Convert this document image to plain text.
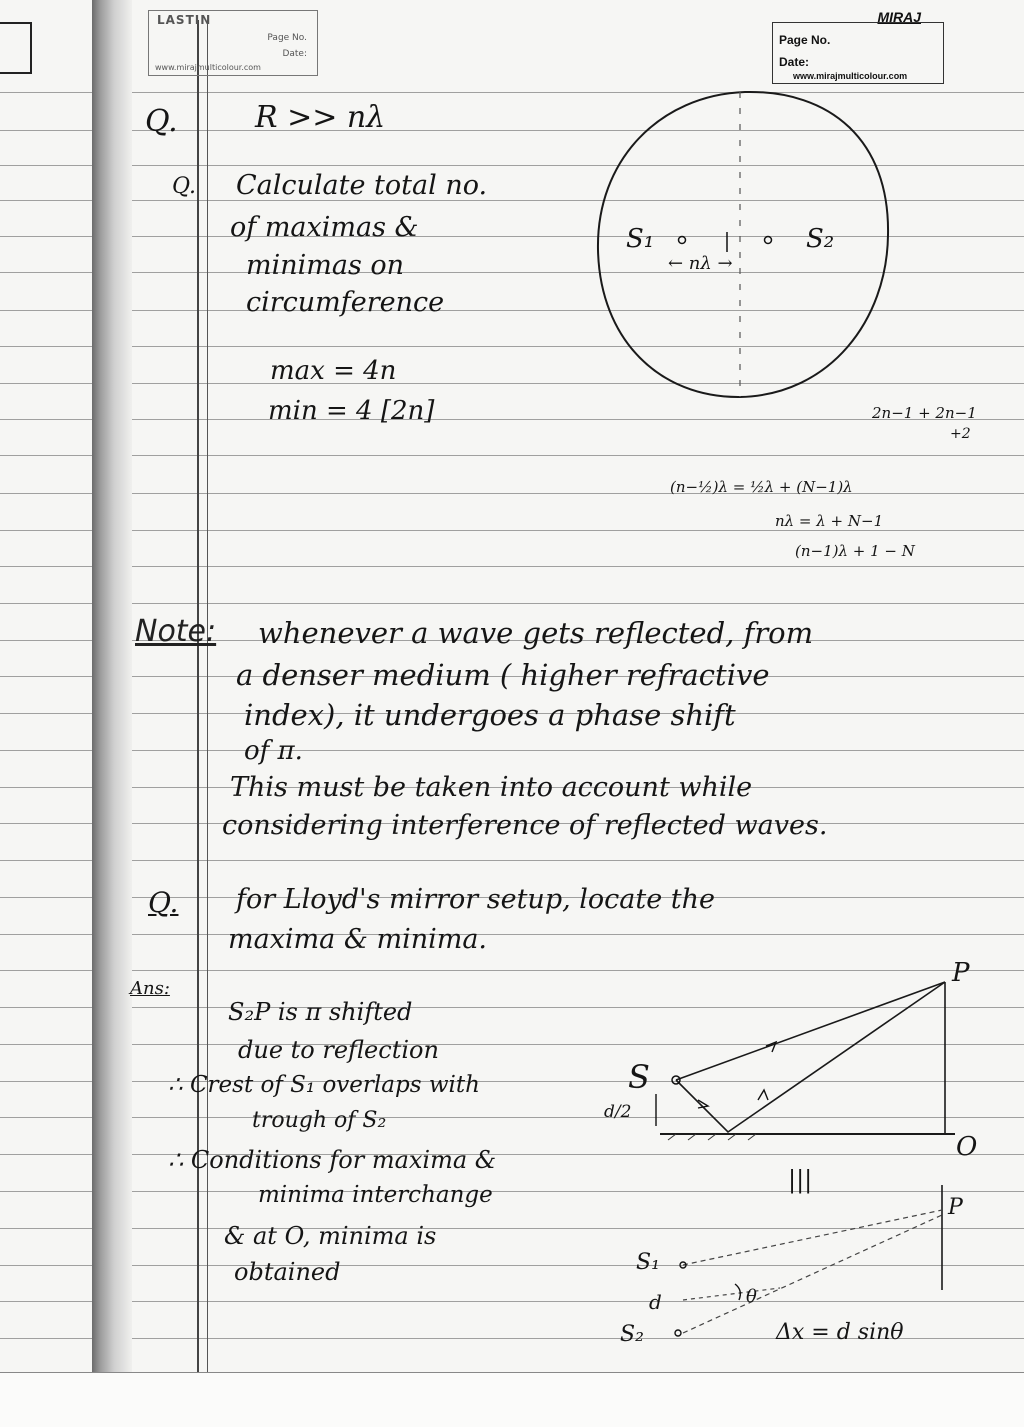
LASTIN
Page No.
Date:
www.mirajmulticolour.com
MIRAJ
Page No.
Date:
www.mirajmulticolour.com
Q.	R >> nλ
Q. Calculate total no.
of maximas &
minimas on
circumference
max = 4n
min = 4 [2n]
S₁	S₂
← nλ →
2n−1 + 2n−1
+2
(n−½)λ = ½λ + (N−1)λ
nλ = λ + N−1
(n−1)λ + 1 − N
Note: whenever a wave gets reflected, from
a denser medium ( higher refractive
index), it undergoes a phase shift
of π.
This must be taken into account while
considering interference of reflected waves.
Q. for Lloyd's mirror setup, locate the
maxima & minima.
Ans:
S₂P is π shifted
due to reflection
∴ Crest of S₁ overlaps with
trough of S₂
∴ Conditions for maxima &
minima interchange
& at O, minima is
obtained
P
S
d/2
O
|||
P
S₁
S₂
d	θ
Δx = d sinθ
